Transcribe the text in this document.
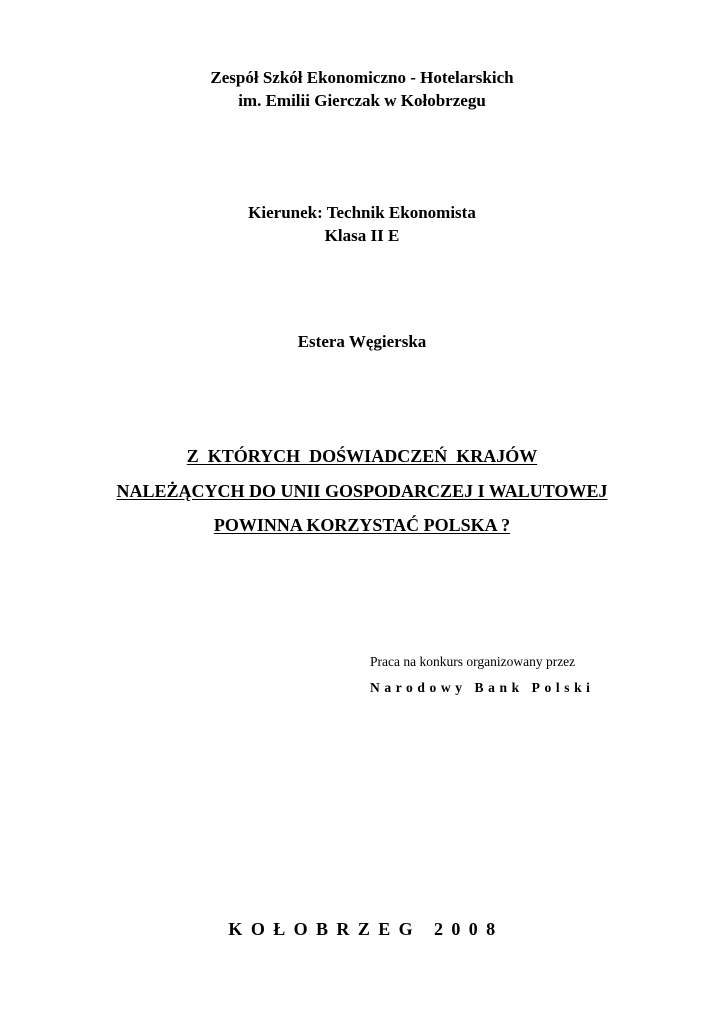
Zespół Szkół Ekonomiczno - Hotelarskich
im. Emilii Gierczak w Kołobrzegu
Kierunek: Technik Ekonomista
Klasa II E
Estera Węgierska
Z  KTÓRYCH  DOŚWIADCZEŃ  KRAJÓW
NALEŻĄCYCH DO UNII GOSPODARCZEJ I WALUTOWEJ
POWINNA KORZYSTAĆ POLSKA ?
Praca na konkurs organizowany przez
Narodowy Bank Polski
KOŁOBRZEG 2008
